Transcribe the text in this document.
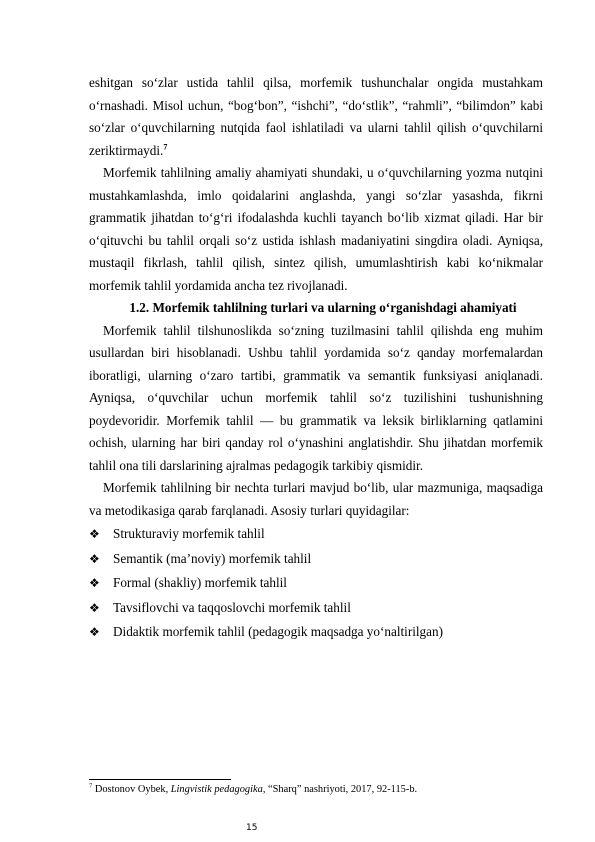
eshitgan so‘zlar ustida tahlil qilsa, morfemik tushunchalar ongida mustahkam o‘rnashadi. Misol uchun, “bog‘bon”, “ishchi”, “do‘stlik”, “rahmli”, “bilimdon” kabi so‘zlar o‘quvchilarning nutqida faol ishlatiladi va ularni tahlil qilish o‘quvchilarni zeriktirmaydi.$^7$

Morfemik tahlilning amaliy ahamiyati shundaki, u o‘quvchilarning yozma nutqini mustahkamlashda, imlo qoidalarini anglashda, yangi so‘zlar yasashda, fikrni grammatik jihatdan to‘g‘ri ifodalashda kuchli tayanch bo‘lib xizmat qiladi. Har bir o‘qituvchi bu tahlil orqali so‘z ustida ishlash madaniyatini singdira oladi. Ayniqsa, mustaqil fikrlash, tahlil qilish, sintez qilish, umumlashtirish kabi ko‘nikmalar morfemik tahlil yordamida ancha tez rivojlanadi.

1.2. Morfemik tahlilning turlari va ularning o‘rganishdagi ahamiyati

Morfemik tahlil tilshunoslikda so‘zning tuzilmasini tahlil qilishda eng muhim usullardan biri hisoblanadi. Ushbu tahlil yordamida so‘z qanday morfemalardan iboratligi, ularning o‘zaro tartibi, grammatik va semantik funksiyasi aniqlanadi. Ayniqsa, o‘quvchilar uchun morfemik tahlil so‘z tuzilishini tushunishning poydevoridir. Morfemik tahlil — bu grammatik va leksik birliklarning qatlamini ochish, ularning har biri qanday rol o‘ynashini anglatishdir. Shu jihatdan morfemik tahlil ona tili darslarining ajralmas pedagogik tarkibiy qismidir.

Morfemik tahlilning bir nechta turlari mavjud bo‘lib, ular mazmuniga, maqsadiga va metodikasiga qarab farqlanadi. Asosiy turlari quyidagilar:

❖ Strukturaviy morfemik tahlil
❖ Semantik (ma’noviy) morfemik tahlil
❖ Formal (shakliy) morfemik tahlil
❖ Tavsiflovchi va taqqoslovchi morfemik tahlil
❖ Didaktik morfemik tahlil (pedagogik maqsadga yo‘naltirilgan)
$^7$ Dostonov Oybek, Lingvistik pedagogika, “Sharq” nashriyoti, 2017, 92-115-b.
15
